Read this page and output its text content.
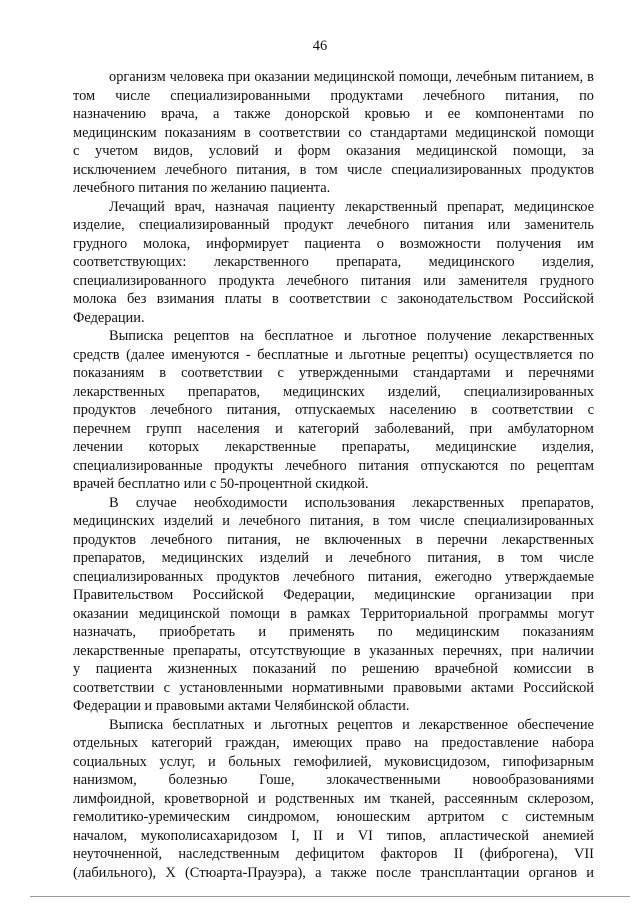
46
организм человека при оказании медицинской помощи, лечебным питанием, в
том числе специализированными продуктами лечебного питания, по
назначению врача, а также донорской кровью и ее компонентами по
медицинским показаниям в соответствии со стандартами медицинской помощи
с учетом видов, условий и форм оказания медицинской помощи, за
исключением лечебного питания, в том числе специализированных продуктов
лечебного питания по желанию пациента.
Лечащий врач, назначая пациенту лекарственный препарат, медицинское
изделие, специализированный продукт лечебного питания или заменитель
грудного молока, информирует пациента о возможности получения им
соответствующих: лекарственного препарата, медицинского изделия,
специализированного продукта лечебного питания или заменителя грудного
молока без взимания платы в соответствии с законодательством Российской
Федерации.
Выписка рецептов на бесплатное и льготное получение лекарственных
средств (далее именуются - бесплатные и льготные рецепты) осуществляется по
показаниям в соответствии с утвержденными стандартами и перечнями
лекарственных препаратов, медицинских изделий, специализированных
продуктов лечебного питания, отпускаемых населению в соответствии с
перечнем групп населения и категорий заболеваний, при амбулаторном
лечении которых лекарственные препараты, медицинские изделия,
специализированные продукты лечебного питания отпускаются по рецептам
врачей бесплатно или с 50-процентной скидкой.
В случае необходимости использования лекарственных препаратов,
медицинских изделий и лечебного питания, в том числе специализированных
продуктов лечебного питания, не включенных в перечни лекарственных
препаратов, медицинских изделий и лечебного питания, в том числе
специализированных продуктов лечебного питания, ежегодно утверждаемые
Правительством Российской Федерации, медицинские организации при
оказании медицинской помощи в рамках Территориальной программы могут
назначать, приобретать и применять по медицинским показаниям
лекарственные препараты, отсутствующие в указанных перечнях, при наличии
у пациента жизненных показаний по решению врачебной комиссии в
соответствии с установленными нормативными правовыми актами Российской
Федерации и правовыми актами Челябинской области.
Выписка бесплатных и льготных рецептов и лекарственное обеспечение
отдельных категорий граждан, имеющих право на предоставление набора
социальных услуг, и больных гемофилией, муковисцидозом, гипофизарным
нанизмом, болезнью Гоше, злокачественными новообразованиями
лимфоидной, кроветворной и родственных им тканей, рассеянным склерозом,
гемолитико-уремическим синдромом, юношеским артритом с системным
началом, мукополисахаридозом I, II и VI типов, апластической анемией
неуточненной, наследственным дефицитом факторов II (фиброгена), VII
(лабильного), X (Стюарта-Прауэра), а также после трансплантации органов и
